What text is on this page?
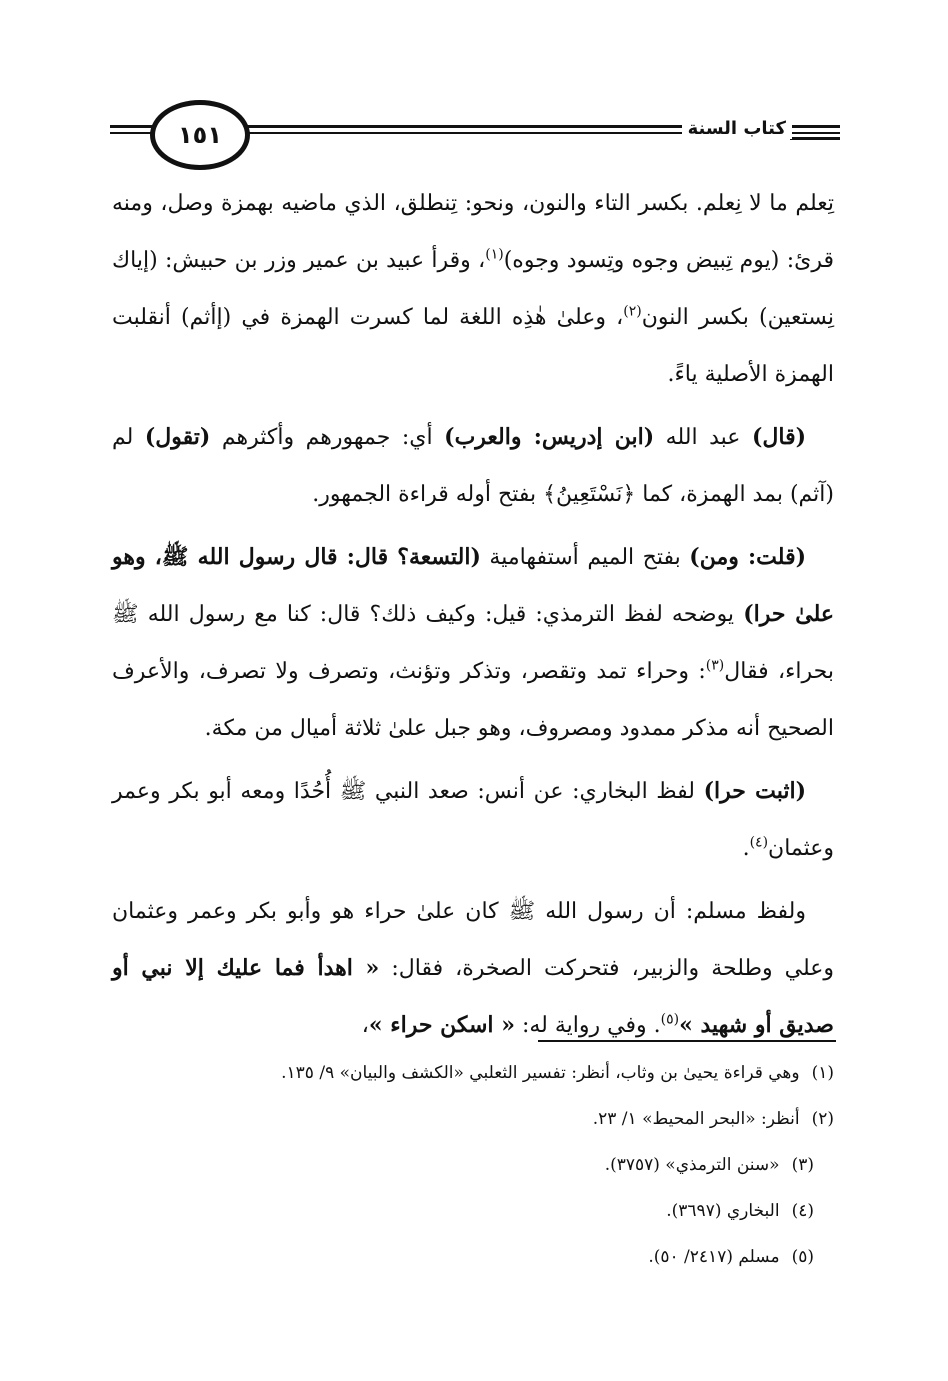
١٥١	كتاب السنة

تِعلم ما لا نِعلم. بكسر التاء والنون، ونحو: تِنطلق، الذي ماضيه بهمزة وصل، ومنه قرئ: (يوم تِبيض وجوه وتِسود وجوه)$^{(١)}$، وقرأ عبيد بن عمير وزر بن حبيش: (إياك نِستعين) بكسر النون$^{(٢)}$، وعلىٰ هٰذِه اللغة لما كسرت الهمزة في (إأثم) أنقلبت الهمزة الأصلية ياءً.

(قال) عبد الله (ابن إدريس: والعرب) أي: جمهورهم وأكثرهم (تقول) لم (آثم) بمد الهمزة، كما ﴿نَسْتَعِينُ﴾ بفتح أوله قراءة الجمهور.

(قلت: ومن) بفتح الميم أستفهامية (التسعة؟ قال: قال رسول الله ﷺ، وهو علىٰ حرا) يوضحه لفظ الترمذي: قيل: وكيف ذلك؟ قال: كنا مع رسول الله ﷺ بحراء، فقال$^{(٣)}$: وحراء تمد وتقصر، وتذكر وتؤنث، وتصرف ولا تصرف، والأعرف الصحيح أنه مذكر ممدود ومصروف، وهو جبل علىٰ ثلاثة أميال من مكة.

(اثبت حرا) لفظ البخاري: عن أنس: صعد النبي ﷺ أُحُدًا ومعه أبو بكر وعمر وعثمان$^{(٤)}$.

ولفظ مسلم: أن رسول الله ﷺ كان علىٰ حراء هو وأبو بكر وعمر وعثمان وعلي وطلحة والزبير، فتحركت الصخرة، فقال: « اهدأ فما عليك إلا نبي أو صديق أو شهيد »$^{(٥)}$. وفي رواية له: « اسكن حراء »،

(١)وهي قراءة يحيىٰ بن وثاب، أنظر: تفسير الثعلبي «الكشف والبيان» ٩/ ١٣٥.
(٢)أنظر: «البحر المحيط» ١/ ٢٣.
(٣)«سنن الترمذي» (٣٧٥٧).
(٤)البخاري (٣٦٩٧).
(٥)مسلم (٢٤١٧/ ٥٠).
